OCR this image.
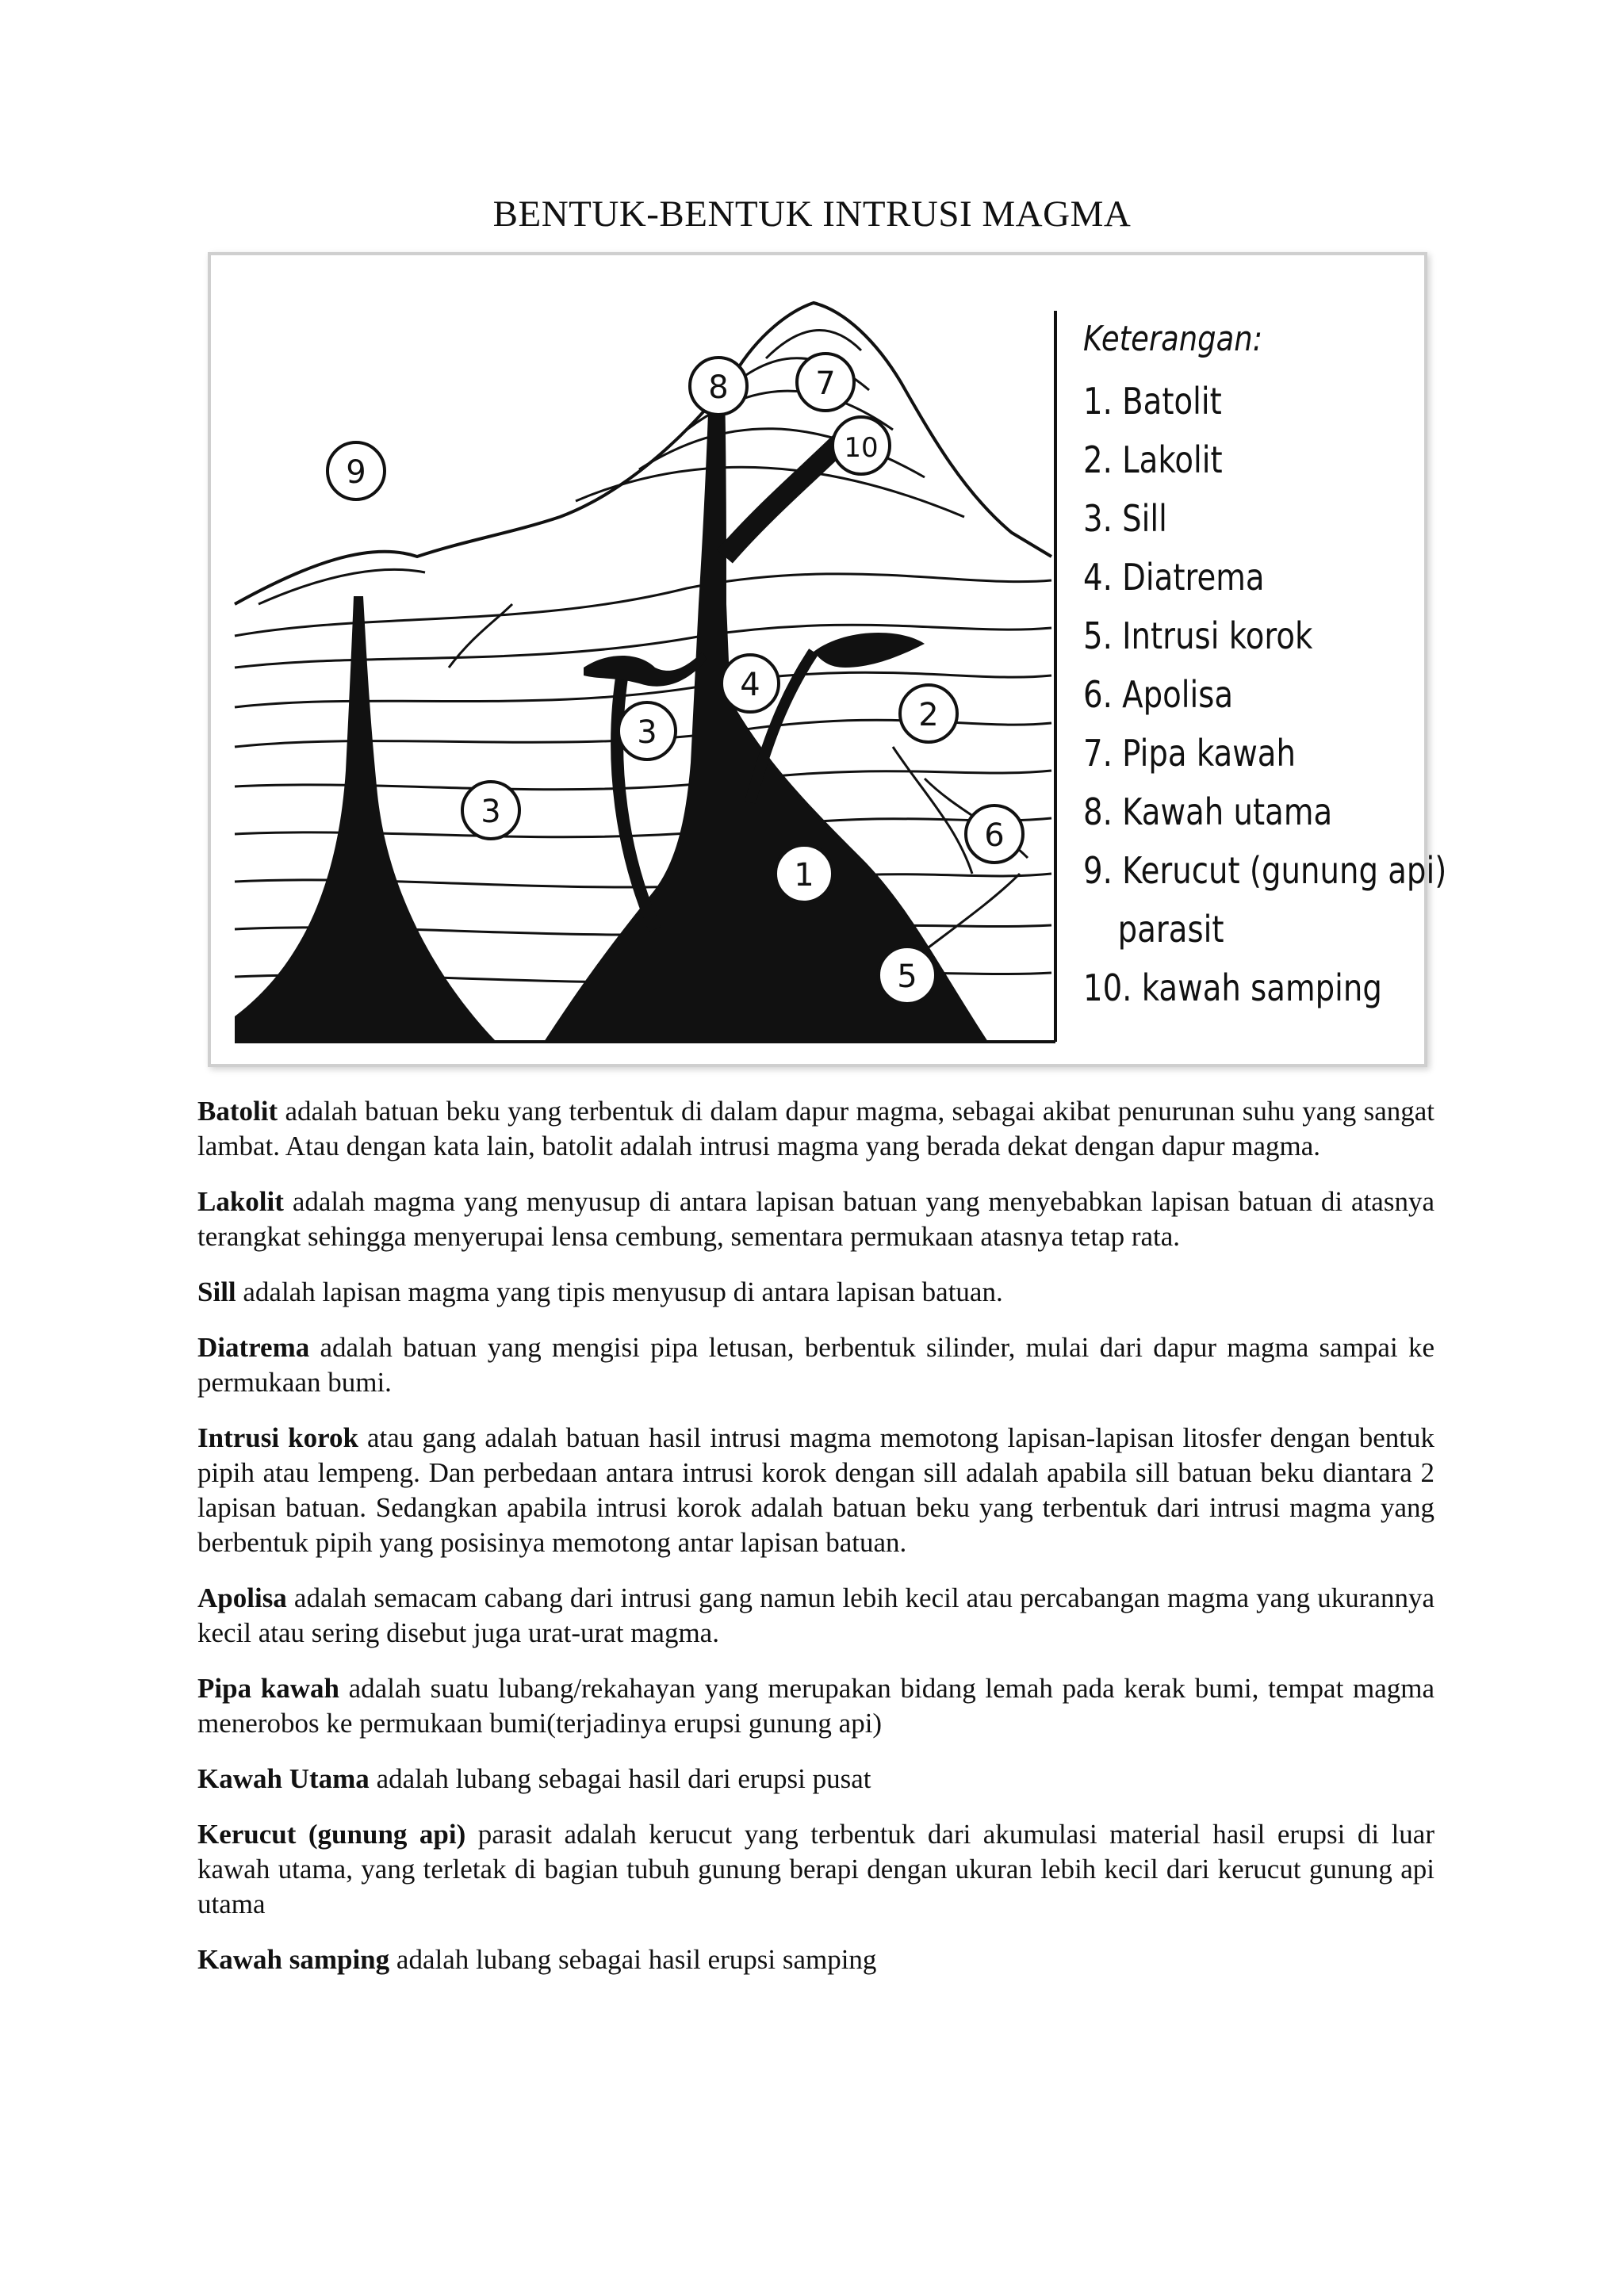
BENTUK-BENTUK INTRUSI MAGMA
9
8	7
10
4
3
3
2
6
1
5
Keterangan:
1. Batolit
2. Lakolit
3. Sill
4. Diatrema
5. Intrusi korok
6. Apolisa
7. Pipa kawah
8. Kawah utama
9. Kerucut (gunung api)
parasit
10. kawah samping

Batolit adalah batuan beku yang terbentuk di dalam dapur magma, sebagai akibat penurunan suhu yang sangat lambat. Atau dengan kata lain, batolit adalah intrusi magma yang berada dekat dengan dapur magma.

Lakolit adalah magma yang menyusup di antara lapisan batuan yang menyebabkan lapisan batuan di atasnya terangkat sehingga menyerupai lensa cembung, sementara permukaan atasnya tetap rata.

Sill adalah lapisan magma yang tipis menyusup di antara lapisan batuan.

Diatrema adalah batuan yang mengisi pipa letusan, berbentuk silinder, mulai dari dapur magma sampai ke permukaan bumi.

Intrusi korok atau gang adalah batuan hasil intrusi magma memotong lapisan-lapisan litosfer dengan bentuk pipih atau lempeng. Dan perbedaan antara intrusi korok dengan sill adalah apabila sill batuan beku diantara 2 lapisan batuan. Sedangkan apabila intrusi korok adalah batuan beku yang terbentuk dari intrusi magma yang berbentuk pipih yang posisinya memotong antar lapisan batuan.

Apolisa adalah semacam cabang dari intrusi gang namun lebih kecil atau percabangan magma yang ukurannya kecil atau sering disebut juga urat-urat magma.

Pipa kawah adalah suatu lubang/rekahayan yang merupakan bidang lemah pada kerak bumi, tempat magma menerobos ke permukaan bumi(terjadinya erupsi gunung api)

Kawah Utama adalah lubang sebagai hasil dari erupsi pusat

Kerucut (gunung api) parasit adalah kerucut yang terbentuk dari akumulasi material hasil erupsi di luar kawah utama, yang terletak di bagian tubuh gunung berapi dengan ukuran lebih kecil dari kerucut gunung api utama

Kawah samping adalah lubang sebagai hasil erupsi samping
